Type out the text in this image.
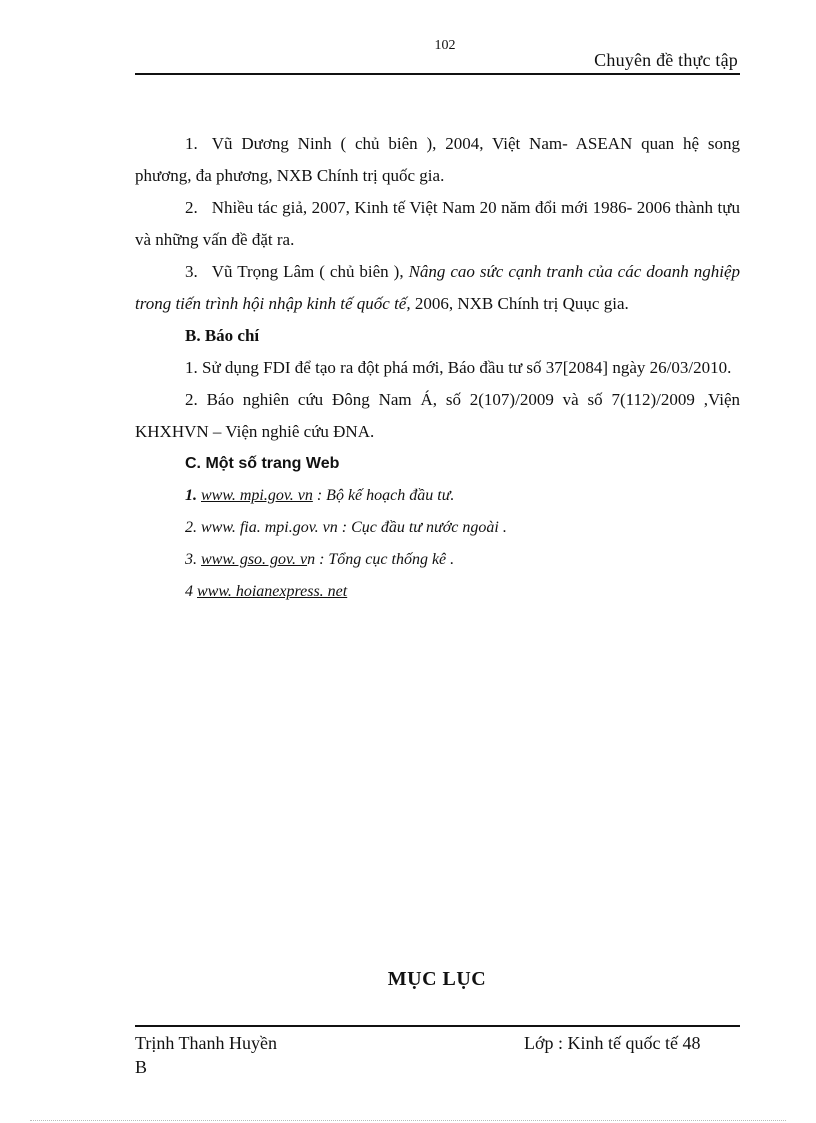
102
Chuyên đề thực tập

1. Vũ Dương Ninh ( chủ biên ), 2004, Việt Nam- ASEAN quan hệ song phương, đa phương, NXB Chính trị quốc gia.

2. Nhiều tác giả, 2007, Kinh tế Việt Nam 20 năm đổi mới 1986- 2006 thành tựu và những vấn đề đặt ra.

3. Vũ Trọng Lâm ( chủ biên ), Nâng cao sức cạnh tranh của các doanh nghiệp trong tiến trình hội nhập kinh tế quốc tế, 2006, NXB Chính trị Quục gia.

B. Báo chí

1. Sử dụng FDI để tạo ra đột phá mới, Báo đầu tư số 37[2084] ngày 26/03/2010.

2. Báo nghiên cứu Đông Nam Á, số 2(107)/2009 và số 7(112)/2009 ,Viện KHXHVN – Viện nghiê cứu ĐNA.

C. Một số trang Web

1. www. mpi.gov. vn : Bộ kế hoạch đầu tư.

2. www. fia. mpi.gov. vn : Cục đầu tư nước ngoài .

3. www. gso. gov. vn : Tổng cục thống kê .

4 www. hoianexpress. net

MỤC LỤC
Trịnh Thanh Huyền
B
Lớp : Kinh tế quốc tế 48
